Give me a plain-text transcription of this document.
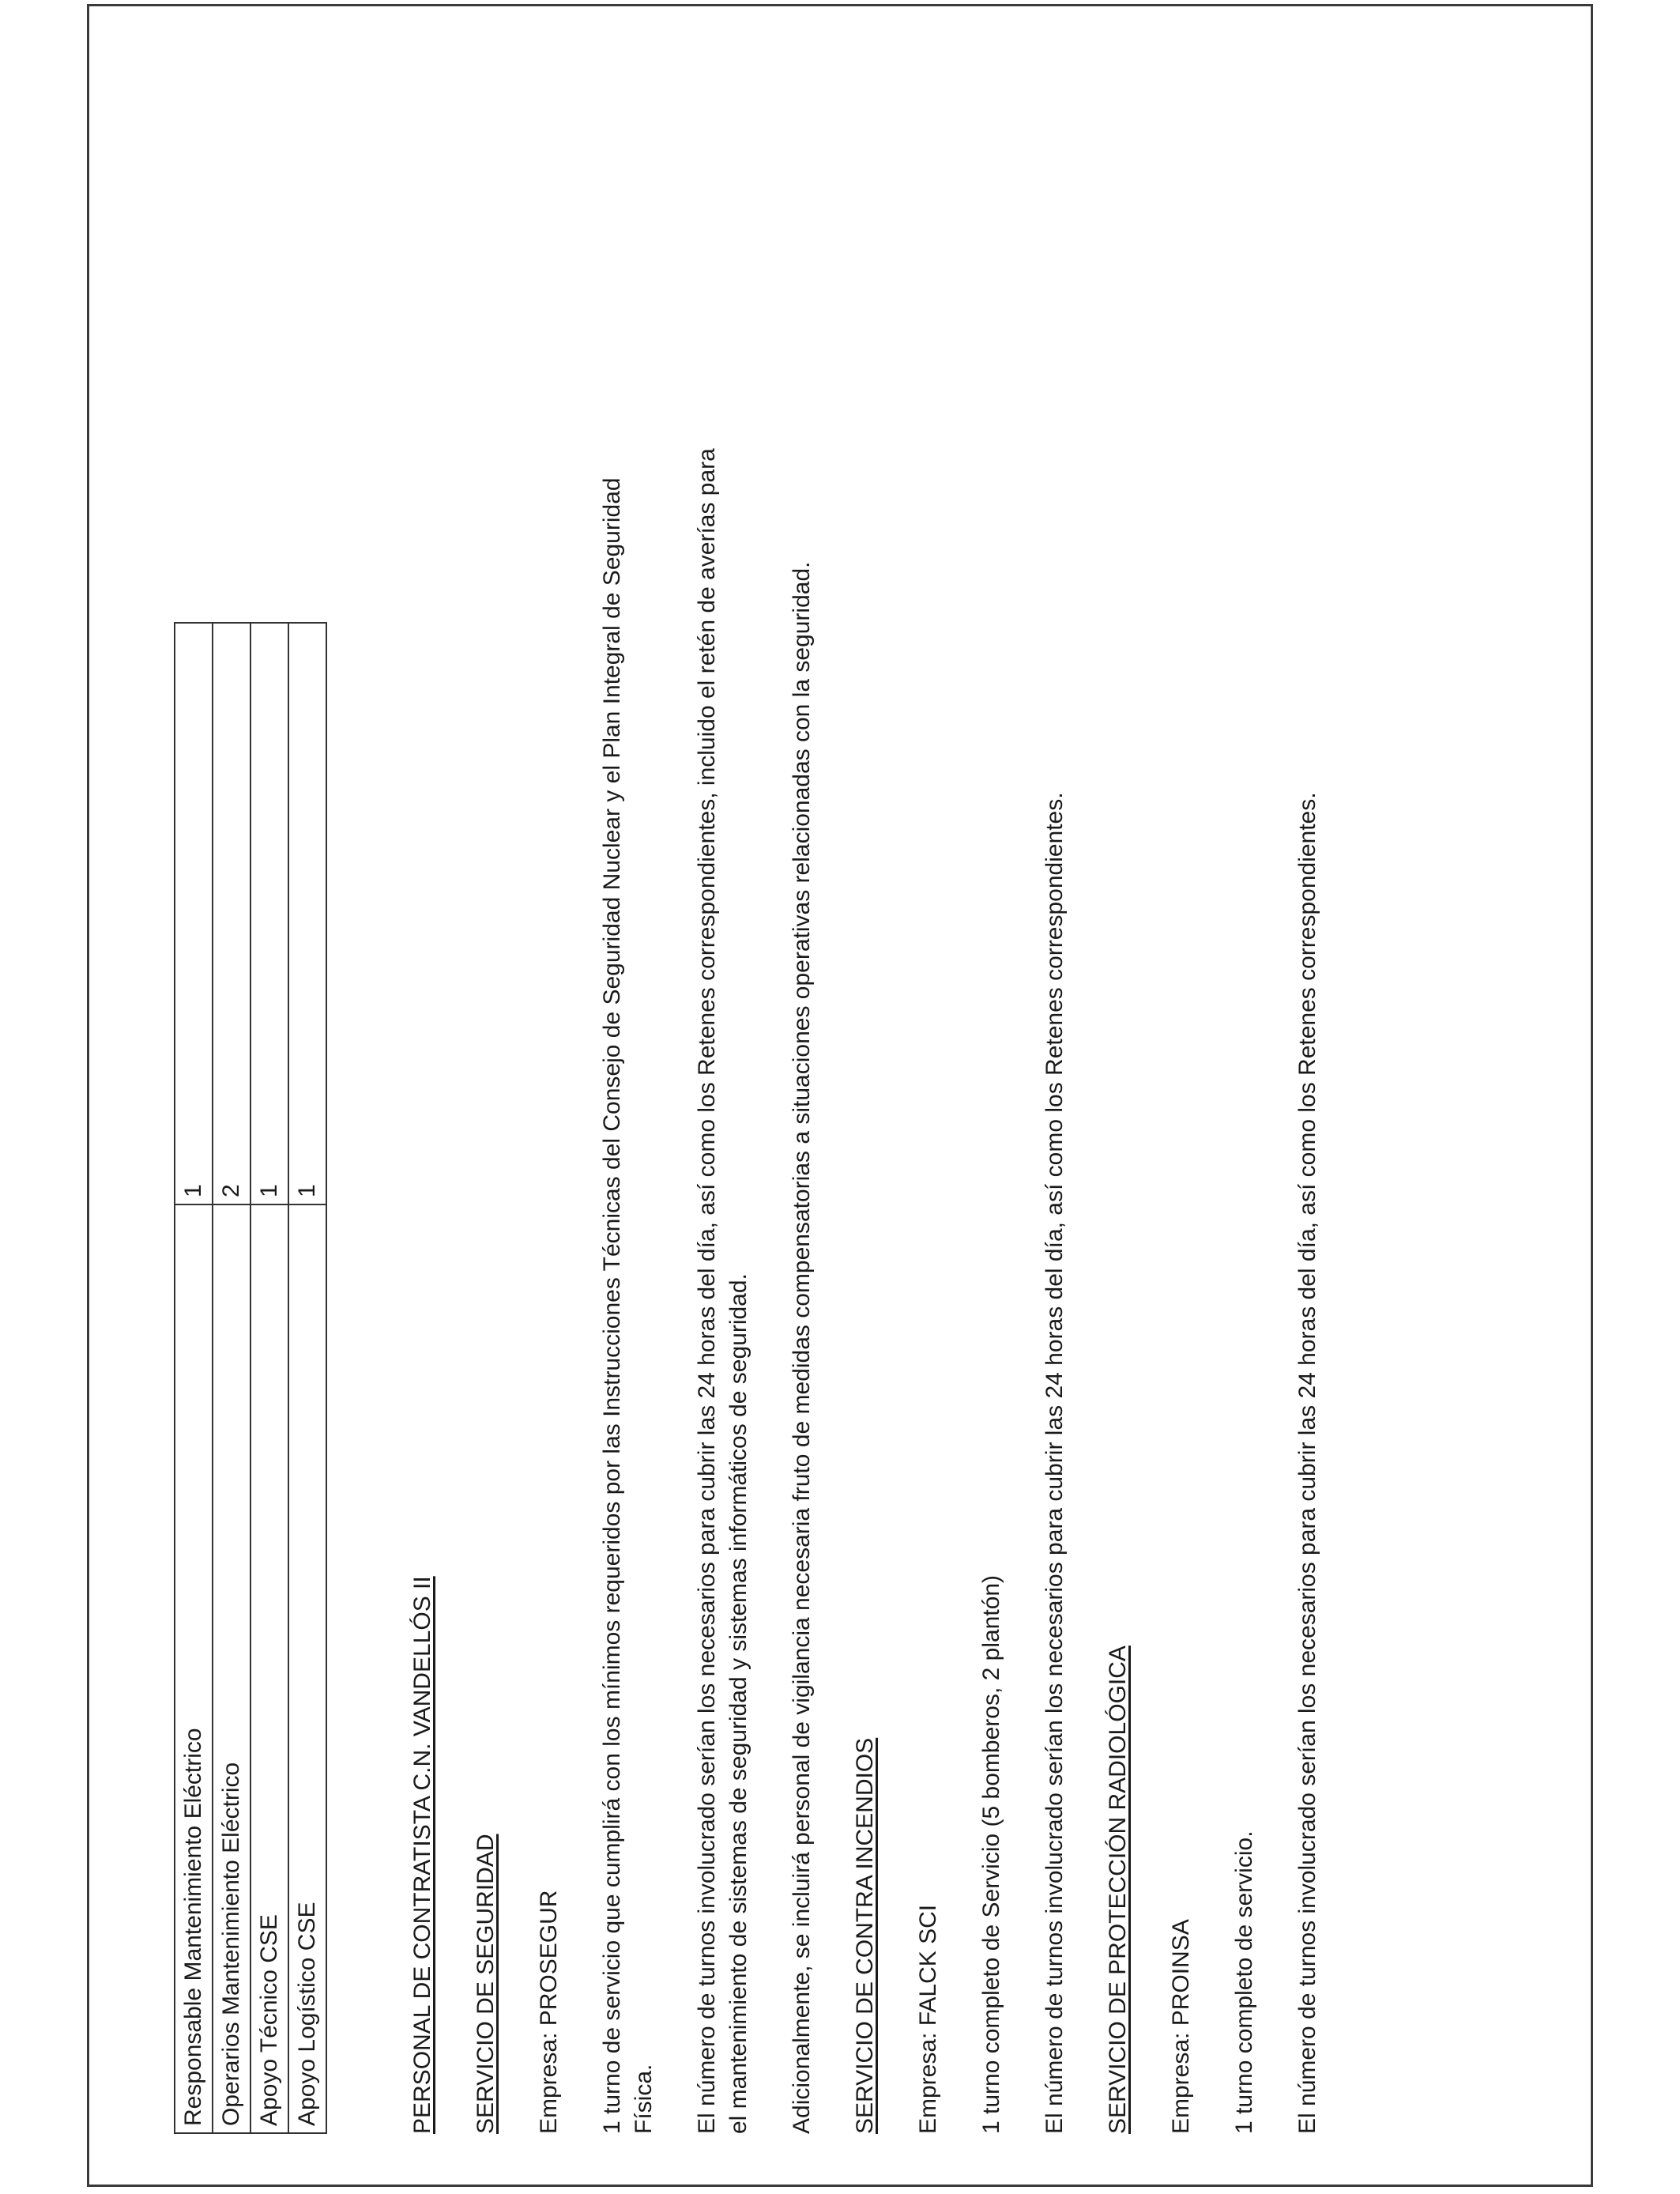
Responsable Mantenimiento Eléctrico	1
Operarios Mantenimiento Eléctrico	2
Apoyo Técnico CSE	1
Apoyo Logístico CSE	1
PERSONAL DE CONTRATISTA C.N. VANDELLÓS II SERVICIO DE SEGURIDAD Empresa: PROSEGUR 1 turno de servicio que cumplirá con los mínimos requeridos por las Instrucciones Técnicas del Consejo de Seguridad Nuclear y el Plan Integral de Seguridad Física. El número de turnos involucrado serían los necesarios para cubrir las 24 horas del día, así como los Retenes correspondientes, incluido el retén de averías para el mantenimiento de sistemas de seguridad y sistemas informáticos de seguridad. Adicionalmente, se incluirá personal de vigilancia necesaria fruto de medidas compensatorias a situaciones operativas relacionadas con la seguridad. SERVICIO DE CONTRA INCENDIOS Empresa: FALCK SCI 1 turno completo de Servicio (5 bomberos, 2 plantón) El número de turnos involucrado serían los necesarios para cubrir las 24 horas del día, así como los Retenes correspondientes. SERVICIO DE PROTECCIÓN RADIOLÓGICA Empresa: PROINSA 1 turno completo de servicio. El número de turnos involucrado serían los necesarios para cubrir las 24 horas del día, así como los Retenes correspondientes.
